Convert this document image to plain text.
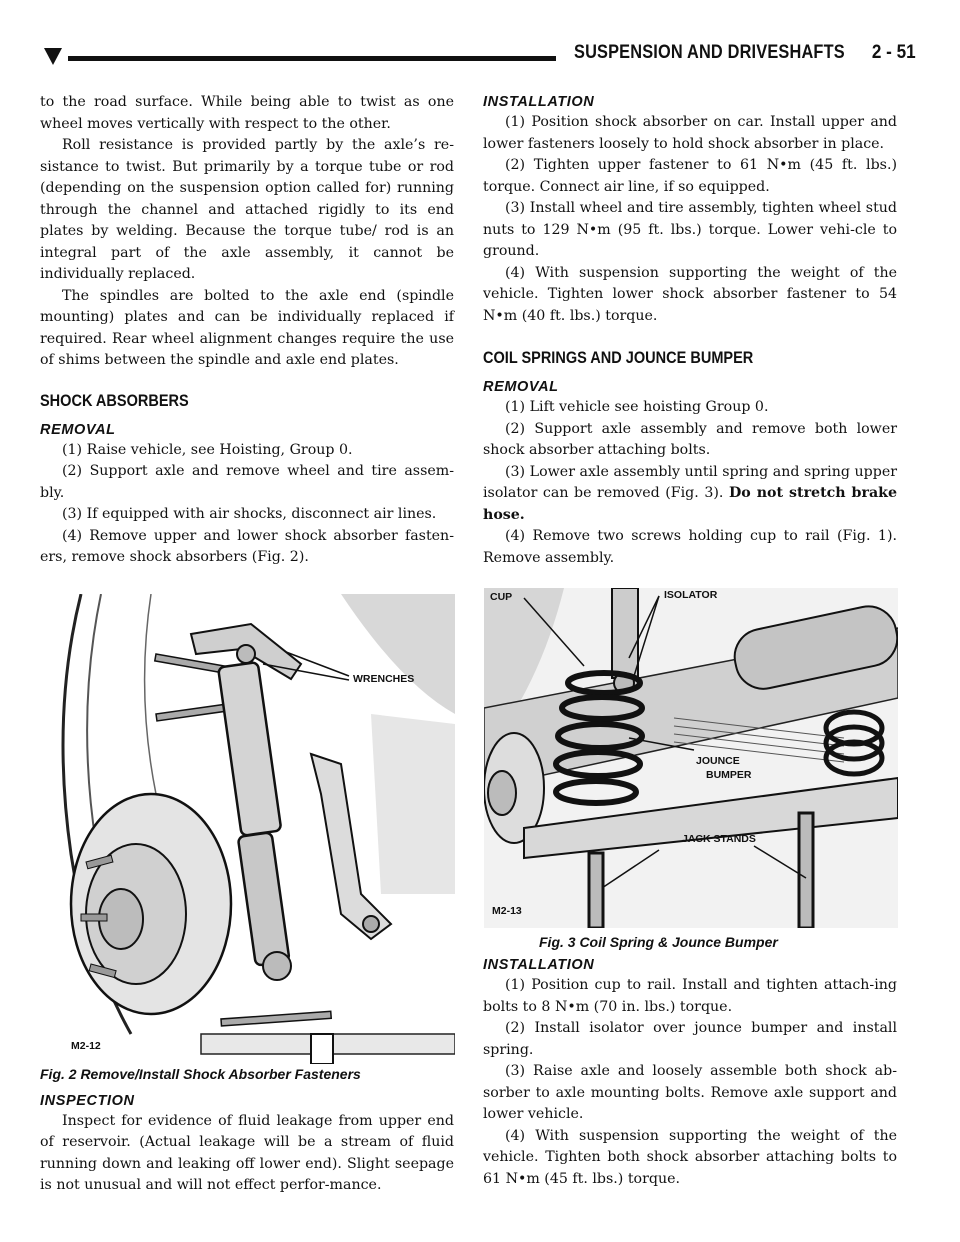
SUSPENSION AND DRIVESHAFTS 2 - 51

to the road surface. While being able to twist as one wheel moves vertically with respect to the other.

Roll resistance is provided partly by the axle’s re-sistance to twist. But primarily by a torque tube or rod (depending on the suspension option called for) running through the channel and attached rigidly to its end plates by welding. Because the torque tube/ rod is an integral part of the axle assembly, it cannot be individually replaced.

The spindles are bolted to the axle end (spindle mounting) plates and can be individually replaced if required. Rear wheel alignment changes require the use of shims between the spindle and axle end plates.

SHOCK ABSORBERS
REMOVAL

(1) Raise vehicle, see Hoisting, Group 0.

(2) Support axle and remove wheel and tire assem-bly.

(3) If equipped with air shocks, disconnect air lines.

(4) Remove upper and lower shock absorber fasten-ers, remove shock absorbers (Fig. 2).

WRENCHES
M2-12

Fig. 2 Remove/Install Shock Absorber Fasteners

INSPECTION

Inspect for evidence of fluid leakage from upper end of reservoir. (Actual leakage will be a stream of fluid running down and leaking off lower end). Slight seepage is not unusual and will not effect perfor-mance.

INSTALLATION

(1) Position shock absorber on car. Install upper and lower fasteners loosely to hold shock absorber in place.

(2) Tighten upper fastener to 61 N•m (45 ft. lbs.) torque. Connect air line, if so equipped.

(3) Install wheel and tire assembly, tighten wheel stud nuts to 129 N•m (95 ft. lbs.) torque. Lower vehi-cle to ground.

(4) With suspension supporting the weight of the vehicle. Tighten lower shock absorber fastener to 54 N•m (40 ft. lbs.) torque.

COIL SPRINGS AND JOUNCE BUMPER
REMOVAL

(1) Lift vehicle see hoisting Group 0.

(2) Support axle assembly and remove both lower shock absorber attaching bolts.

(3) Lower axle assembly until spring and spring upper isolator can be removed (Fig. 3). Do not stretch brake hose.

(4) Remove two screws holding cup to rail (Fig. 1). Remove assembly.

CUP	ISOLATOR
JOUNCE
BUMPER
JACK STANDS
M2-13

Fig. 3 Coil Spring & Jounce Bumper

INSTALLATION

(1) Position cup to rail. Install and tighten attach-ing bolts to 8 N•m (70 in. lbs.) torque.

(2) Install isolator over jounce bumper and install spring.

(3) Raise axle and loosely assemble both shock ab-sorber to axle mounting bolts. Remove axle support and lower vehicle.

(4) With suspension supporting the weight of the vehicle. Tighten both shock absorber attaching bolts to 61 N•m (45 ft. lbs.) torque.
